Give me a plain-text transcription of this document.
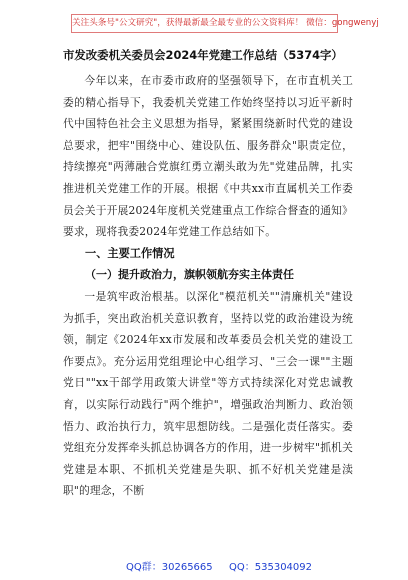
关注头条号"公文研究"，获得最新最全最专业的公文资料库！ 微信：gongwenyj
市发改委机关委员会2024年党建工作总结（5374字）

今年以来，在市委市政府的坚强领导下，在市直机关工委的精心指导下，我委机关党建工作始终坚持以习近平新时代中国特色社会主义思想为指导，紧紧围绕新时代党的建设总要求，把牢"围绕中心、建设队伍、服务群众"职责定位，持续擦亮"两薄融合党旗红勇立潮头敢为先"党建品牌，扎实推进机关党建工作的开展。根据《中共xx市直属机关工作委员会关于开展2024年度机关党建重点工作综合督查的通知》要求，现将我委2024年党建工作总结如下。

一、主要工作情况

（一）提升政治力，旗帜领航夯实主体责任

一是筑牢政治根基。以深化"模范机关""清廉机关"建设为抓手，突出政治机关意识教育，坚持以党的政治建设为统领，制定《2024年xx市发展和改革委员会机关党的建设工作要点》。充分运用党组理论中心组学习、"三会一课""主题党日""xx干部学用政策大讲堂"等方式持续深化对党忠诚教育，以实际行动践行"两个维护"，增强政治判断力、政治领悟力、政治执行力，筑牢思想防线。二是强化责任落实。委党组充分发挥牵头抓总协调各方的作用，进一步树牢"抓机关党建是本职、不抓机关党建是失职、抓不好机关党建是渎职"的理念，不断

QQ群：30265665 QQ：535304092
